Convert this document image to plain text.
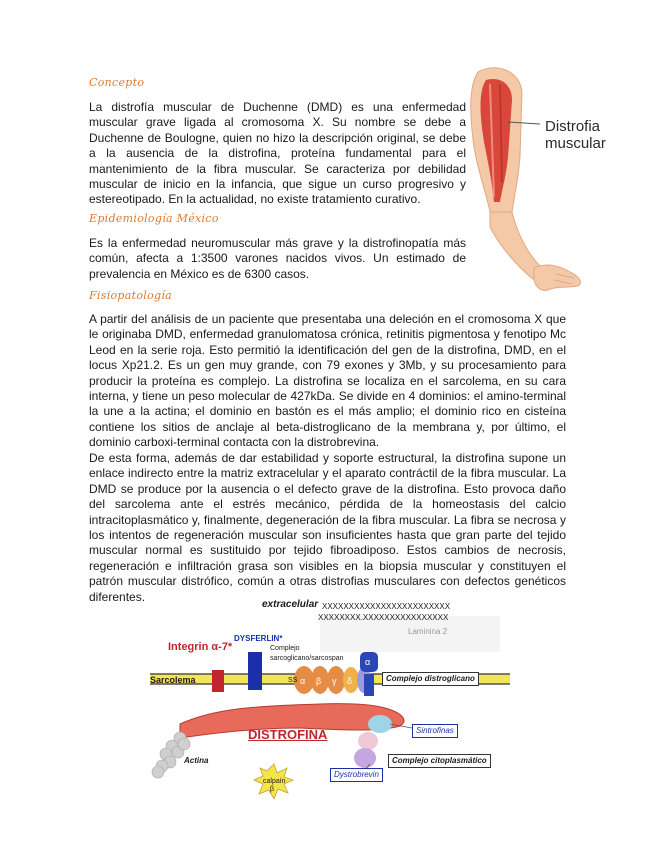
Concepto

La distrofía muscular de Duchenne (DMD) es una enfermedad muscular grave ligada al cromosoma X. Su nombre se debe a Duchenne de Boulogne, quien no hizo la descripción original, se debe a la ausencia de la distrofina, proteína fundamental para el mantenimiento de la fibra muscular. Se caracteriza por debilidad muscular de inicio en la infancia, que sigue un curso progresivo y estereotipado. En la actualidad, no existe tratamiento curativo.

Epidemiología México

Es la enfermedad neuromuscular más grave y la distrofinopatía más común, afecta a 1:3500 varones nacidos vivos. Un estimado de prevalencia en México es de 6300 casos.

Fisiopatología

A partir del análisis de un paciente que presentaba una deleción en el cromosoma X que le originaba DMD, enfermedad granulomatosa crónica, retinitis pigmentosa y fenotipo Mc Leod en la serie roja. Esto permitió la identificación del gen de la distrofina, DMD, en el locus Xp21.2. Es un gen muy grande, con 79 exones y 3Mb, y su procesamiento para producir la proteína es complejo. La distrofina se localiza en el sarcolema, en su cara interna, y tiene un peso molecular de 427kDa. Se divide en 4 dominios: el amino-terminal la une a la actina; el dominio en bastón es el más amplio; el dominio rico en cisteína contiene los sitios de anclaje al beta-distroglicano de la membrana y, por último, el dominio carboxi-terminal contacta con la distrobrevina.

De esta forma, además de dar estabilidad y soporte estructural, la distrofina supone un enlace indirecto entre la matriz extracelular y el aparato contráctil de la fibra muscular. La DMD se produce por la ausencia o el defecto grave de la distrofina. Esto provoca daño del sarcolema ante el estrés mecánico, pérdida de la homeostasis del calcio intracitoplasmático y, finalmente, degeneración de la fibra muscular. La fibra se necrosa y los intentos de regeneración muscular son insuficientes hasta que gran parte del tejido muscular normal es sustituido por tejido fibroadiposo. Estos cambios de necrosis, regeneración e infiltración grasa son visibles en la biopsia muscular y constituyen el patrón muscular distrófico, común a otras distrofias musculares con defectos genéticos diferentes.

Distrofia muscular
extracelular XXXXXXXXXXXXXXXXXXXXXXXX
XXXXXXXX.XXXXXXXXXXXXXXXX
Laminina 2
Integrin α-7*
DYSFERLIN*
Complejo sarcoglicano/sarcospan
Sarcolema	SS α β γ δ
α
Complejo distroglicano
DISTROFINA	Sintrofinas
Actina
Dystrobrevin
Complejo citoplasmático
calpaín
β
